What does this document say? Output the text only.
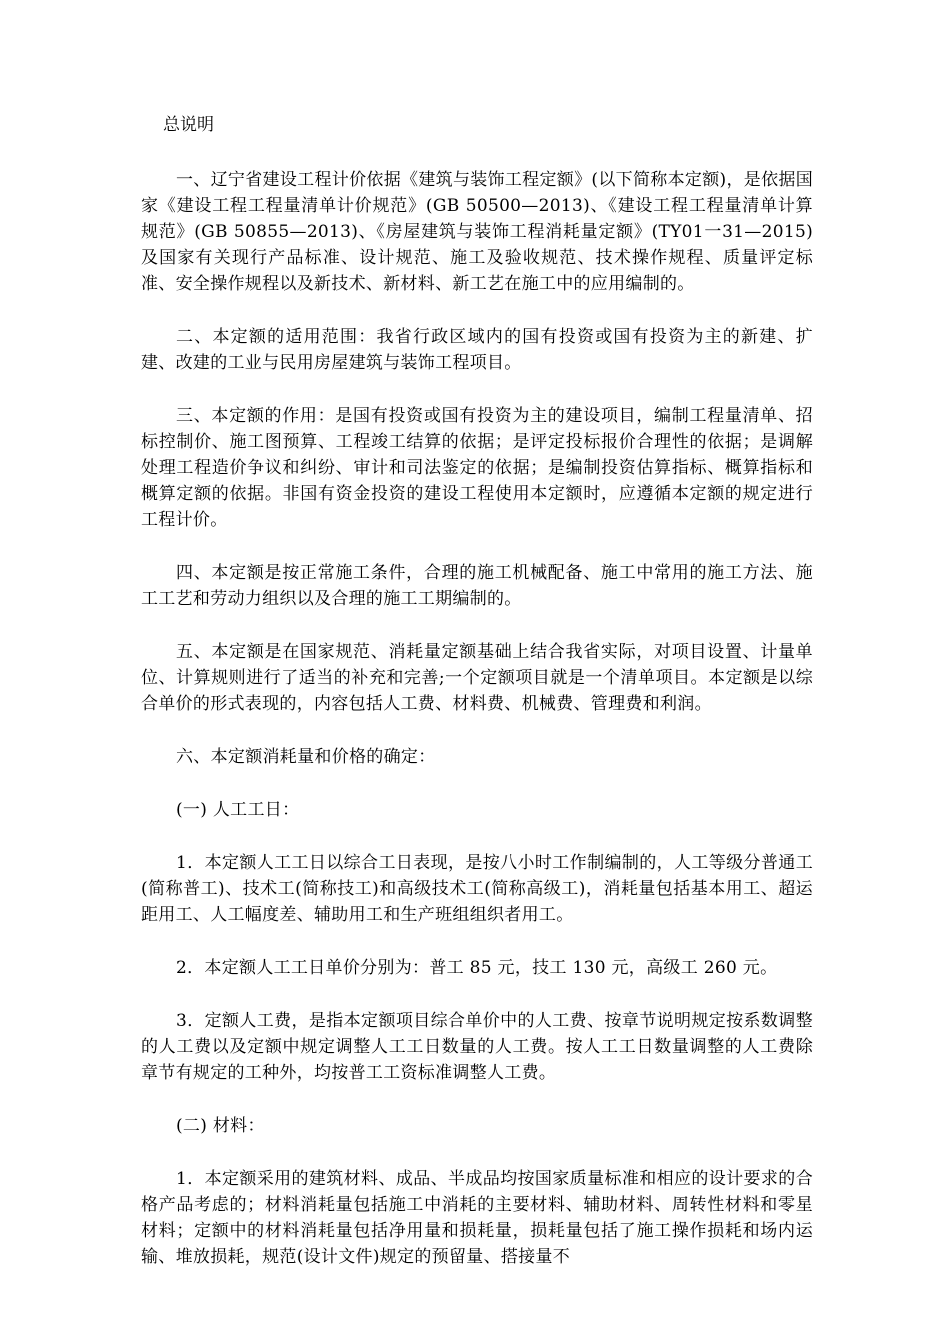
总说明

一、辽宁省建设工程计价依据《建筑与装饰工程定额》(以下简称本定额)，是依据国家《建设工程工程量清单计价规范》(GB 50500—2013)、《建设工程工程量清单计算规范》(GB 50855—2013)、《房屋建筑与装饰工程消耗量定额》(TY01一31—2015)及国家有关现行产品标准、设计规范、施工及验收规范、技术操作规程、质量评定标准、安全操作规程以及新技术、新材料、新工艺在施工中的应用编制的。

二、本定额的适用范围：我省行政区域内的国有投资或国有投资为主的新建、扩建、改建的工业与民用房屋建筑与装饰工程项目。

三、本定额的作用：是国有投资或国有投资为主的建设项目，编制工程量清单、招标控制价、施工图预算、工程竣工结算的依据；是评定投标报价合理性的依据；是调解处理工程造价争议和纠纷、审计和司法鉴定的依据；是编制投资估算指标、概算指标和概算定额的依据。非国有资金投资的建设工程使用本定额时，应遵循本定额的规定进行工程计价。

四、本定额是按正常施工条件，合理的施工机械配备、施工中常用的施工方法、施工工艺和劳动力组织以及合理的施工工期编制的。

五、本定额是在国家规范、消耗量定额基础上结合我省实际，对项目设置、计量单位、计算规则进行了适当的补充和完善;一个定额项目就是一个清单项目。本定额是以综合单价的形式表现的，内容包括人工费、材料费、机械费、管理费和利润。

六、本定额消耗量和价格的确定：

(一) 人工工日：

1．本定额人工工日以综合工日表现，是按八小时工作制编制的，人工等级分普通工(简称普工)、技术工(简称技工)和高级技术工(简称高级工)，消耗量包括基本用工、超运距用工、人工幅度差、辅助用工和生产班组组织者用工。

2．本定额人工工日单价分别为：普工 85 元，技工 130 元，高级工 260 元。

3．定额人工费，是指本定额项目综合单价中的人工费、按章节说明规定按系数调整的人工费以及定额中规定调整人工工日数量的人工费。按人工工日数量调整的人工费除章节有规定的工种外，均按普工工资标准调整人工费。

(二) 材料：

1．本定额采用的建筑材料、成品、半成品均按国家质量标准和相应的设计要求的合格产品考虑的；材料消耗量包括施工中消耗的主要材料、辅助材料、周转性材料和零星材料；定额中的材料消耗量包括净用量和损耗量，损耗量包括了施工操作损耗和场内运输、堆放损耗，规范(设计文件)规定的预留量、搭接量不
